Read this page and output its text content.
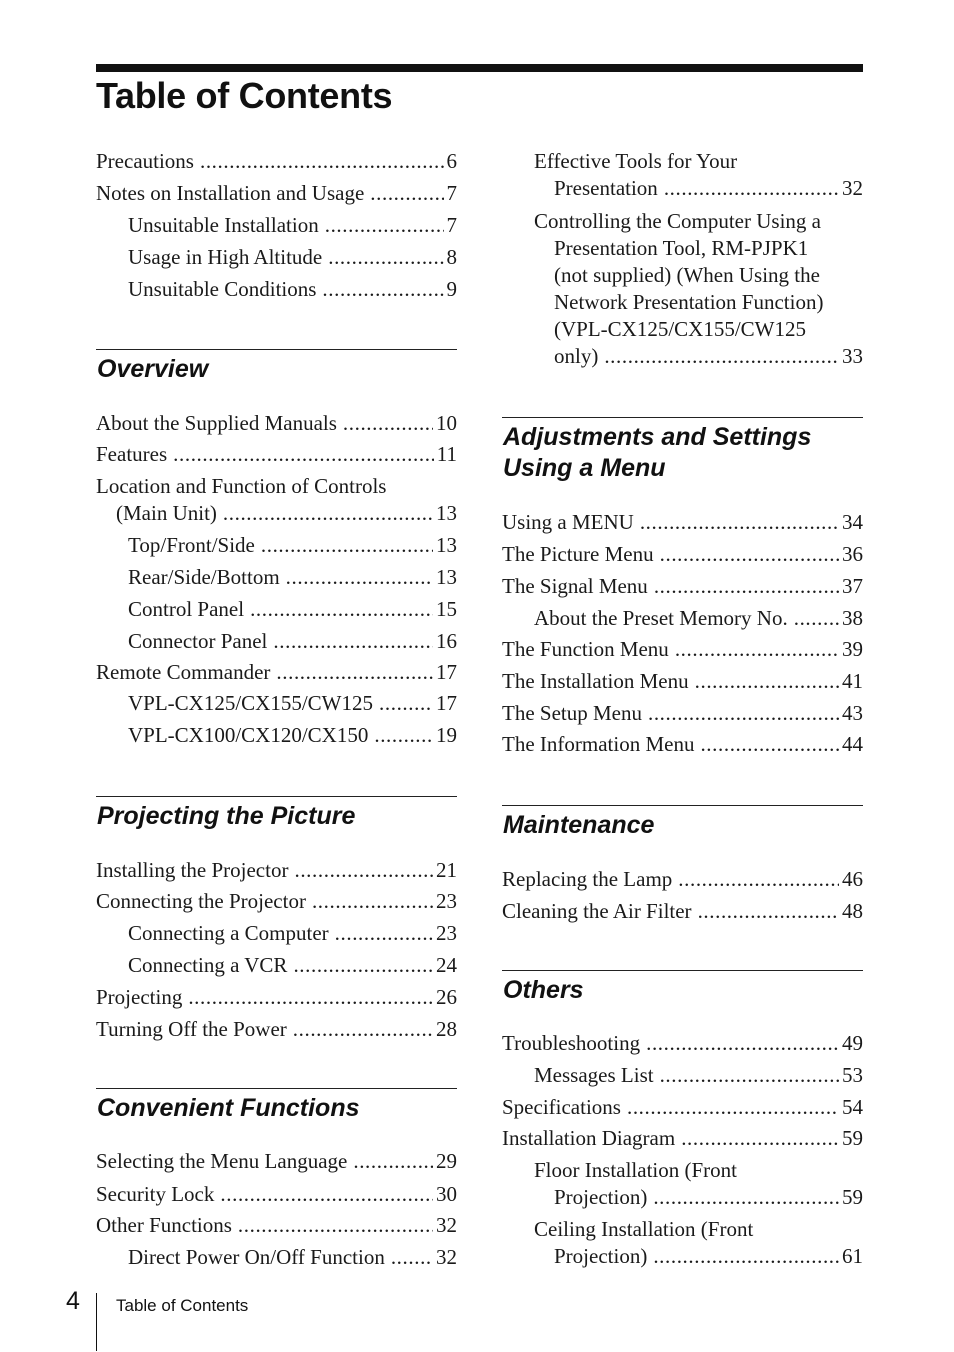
Table of Contents
Precautions .....	6
Notes on Installation and Usage .....	7
Unsuitable Installation .....	7
Usage in High Altitude .....	8
Unsuitable Conditions .....	9
Overview
About the Supplied Manuals .....	10
Features .....	11
Location and Function of Controls
(Main Unit) .....	13
Top/Front/Side .....	13
Rear/Side/Bottom .....	13
Control Panel .....	15
Connector Panel .....	16
Remote Commander .....	17
VPL-CX125/CX155/CW125 .....	17
VPL-CX100/CX120/CX150 .....	19
Projecting the Picture
Installing the Projector .....	21
Connecting the Projector .....	23
Connecting a Computer .....	23
Connecting a VCR .....	24
Projecting .....	26
Turning Off the Power .....	28
Convenient Functions
Selecting the Menu Language .....	29
Security Lock .....	30
Other Functions .....	32
Direct Power On/Off Function ..... 32
Effective Tools for Your
Presentation .....	32
Controlling the Computer Using a
Presentation Tool, RM-PJPK1
(not supplied) (When Using the
Network Presentation Function)
(VPL-CX125/CX155/CW125
only) .....	33
Adjustments and Settings
Using a Menu
Using a MENU .....	34
The Picture Menu .....	36
The Signal Menu .....	37
About the Preset Memory No. .....	38
The Function Menu .....	39
The Installation Menu .....	41
The Setup Menu .....	43
The Information Menu .....	44
Maintenance
Replacing the Lamp .....	46
Cleaning the Air Filter .....	48
Others
Troubleshooting .....	49
Messages List .....	53
Specifications .....	54
Installation Diagram .....	59
Floor Installation (Front
Projection) .....	59
Ceiling Installation (Front
Projection) .....	61
4 Table of Contents
